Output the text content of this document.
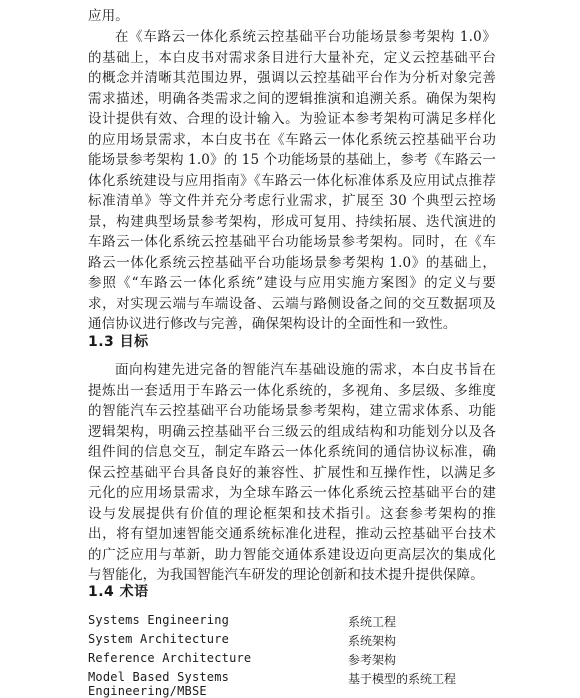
应用。
在《车路云一体化系统云控基础平台功能场景参考架构 1.0》的基础上，本白皮书对需求条目进行大量补充，定义云控基础平台的概念并清晰其范围边界，强调以云控基础平台作为分析对象完善需求描述，明确各类需求之间的逻辑推演和追溯关系。确保为架构设计提供有效、合理的设计输入。为验证本参考架构可满足多样化的应用场景需求，本白皮书在《车路云一体化系统云控基础平台功能场景参考架构 1.0》的 15 个功能场景的基础上，参考《车路云一体化系统建设与应用指南》《车路云一体化标准体系及应用试点推荐标准清单》等文件并充分考虑行业需求，扩展至 30 个典型云控场景，构建典型场景参考架构，形成可复用、持续拓展、迭代演进的车路云一体化系统云控基础平台功能场景参考架构。同时，在《车路云一体化系统云控基础平台功能场景参考架构 1.0》的基础上，参照《“车路云一体化系统”建设与应用实施方案图》的定义与要求，对实现云端与车端设备、云端与路侧设备之间的交互数据项及通信协议进行修改与完善，确保架构设计的全面性和一致性。
1.3 目标
面向构建先进完备的智能汽车基础设施的需求，本白皮书旨在提炼出一套适用于车路云一体化系统的，多视角、多层级、多维度的智能汽车云控基础平台功能场景参考架构，建立需求体系、功能逻辑架构，明确云控基础平台三级云的组成结构和功能划分以及各组件间的信息交互，制定车路云一体化系统间的通信协议标准，确保云控基础平台具备良好的兼容性、扩展性和互操作性，以满足多元化的应用场景需求，为全球车路云一体化系统云控基础平台的建设与发展提供有价值的理论框架和技术指引。这套参考架构的推出，将有望加速智能交通系统标准化进程，推动云控基础平台技术的广泛应用与革新，助力智能交通体系建设迈向更高层次的集成化与智能化，为我国智能汽车研发的理论创新和技术提升提供保障。
1.4 术语
Systems Engineering	系统工程
System Architecture	系统架构
Reference Architecture	参考架构
Model Based Systems Engineering/MBSE	基于模型的系统工程
